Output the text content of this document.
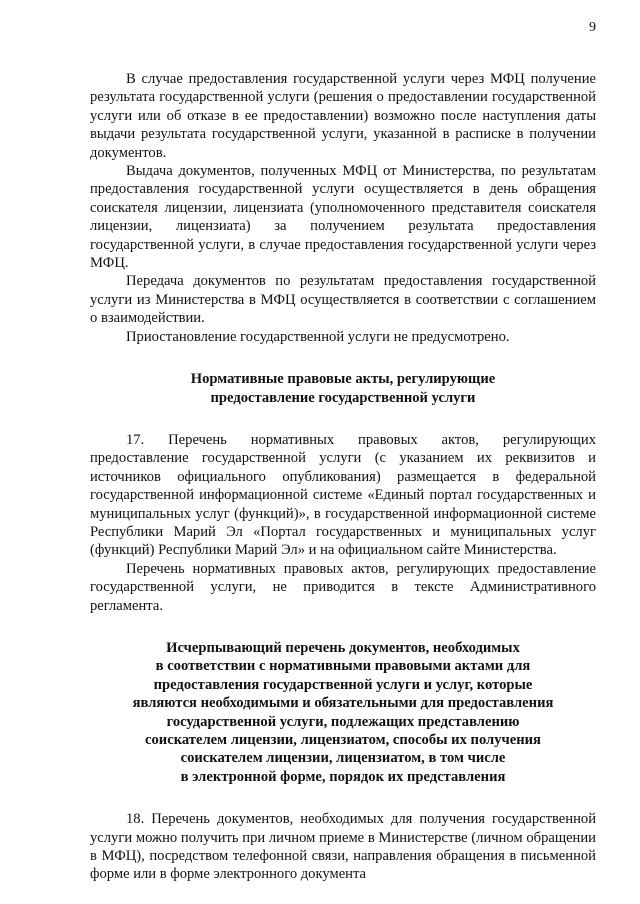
9

В случае предоставления государственной услуги через МФЦ получение результата государственной услуги (решения о предоставлении государственной услуги или об отказе в ее предоставлении) возможно после наступления даты выдачи результата государственной услуги, указанной в расписке в получении документов.

Выдача документов, полученных МФЦ от Министерства, по результатам предоставления государственной услуги осуществляется в день обращения соискателя лицензии, лицензиата (уполномоченного представителя соискателя лицензии, лицензиата) за получением результата предоставления государственной услуги, в случае предоставления государственной услуги через МФЦ.

Передача документов по результатам предоставления государственной услуги из Министерства в МФЦ осуществляется в соответствии с соглашением о взаимодействии.

Приостановление государственной услуги не предусмотрено.

Нормативные правовые акты, регулирующие
предоставление государственной услуги

17. Перечень нормативных правовых актов, регулирующих предоставление государственной услуги (с указанием их реквизитов и источников официального опубликования) размещается в федеральной государственной информационной системе «Единый портал государственных и муниципальных услуг (функций)», в государственной информационной системе Республики Марий Эл «Портал государственных и муниципальных услуг (функций) Республики Марий Эл» и на официальном сайте Министерства.

Перечень нормативных правовых актов, регулирующих предоставление государственной услуги, не приводится в тексте Административного регламента.

Исчерпывающий перечень документов, необходимых
в соответствии с нормативными правовыми актами для
предоставления государственной услуги и услуг, которые
являются необходимыми и обязательными для предоставления
государственной услуги, подлежащих представлению
соискателем лицензии, лицензиатом, способы их получения
соискателем лицензии, лицензиатом, в том числе
в электронной форме, порядок их представления

18. Перечень документов, необходимых для получения государственной услуги можно получить при личном приеме в Министерстве (личном обращении в МФЦ), посредством телефонной связи, направления обращения в письменной форме или в форме электронного документа
